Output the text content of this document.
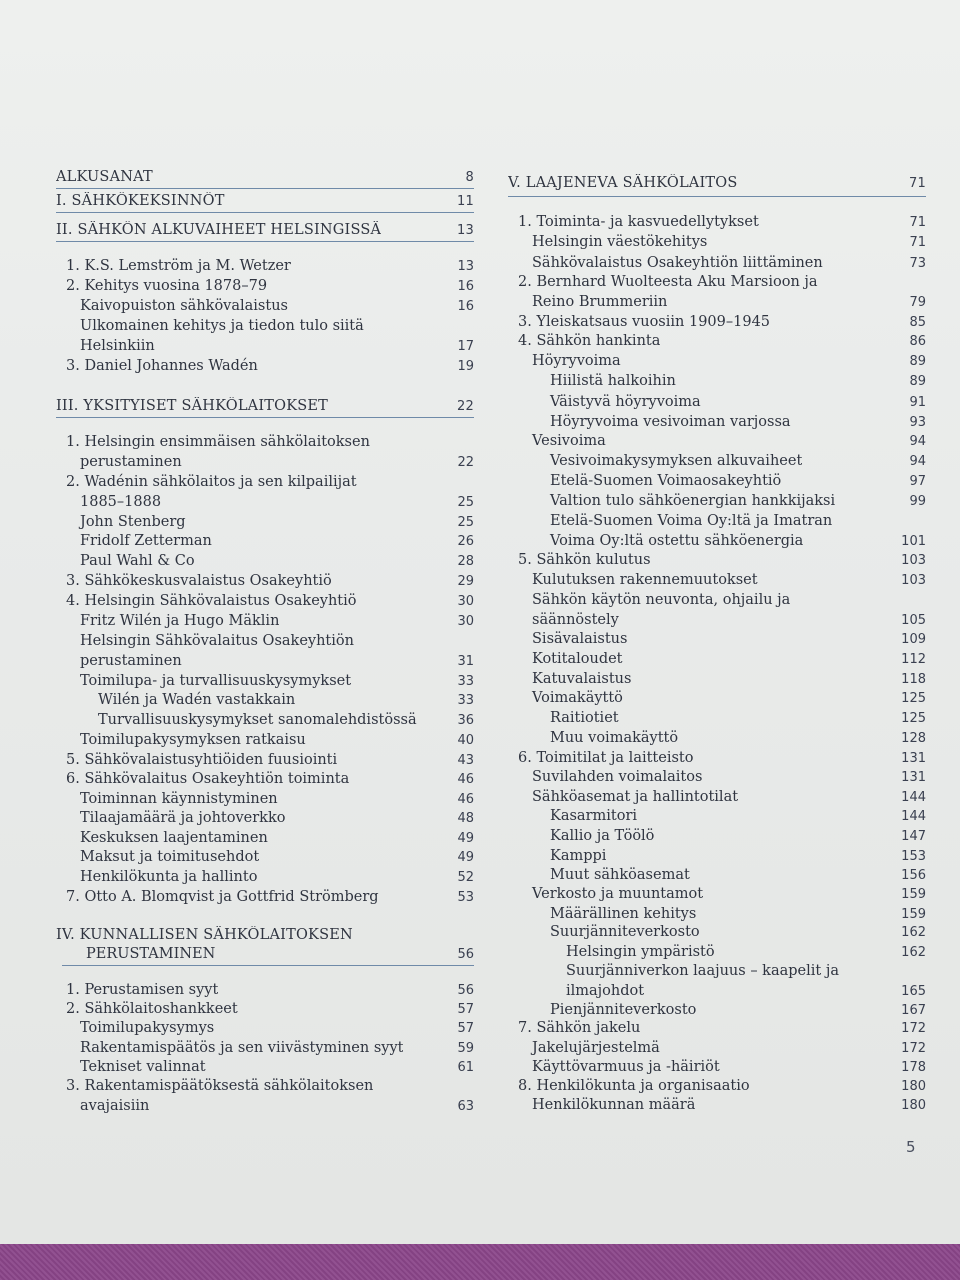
ALKUSANAT	8
I. SÄHKÖKEKSINNÖT	11
II. SÄHKÖN ALKUVAIHEET HELSINGISSÄ	13
1. K.S. Lemström ja M. Wetzer	13
2. Kehitys vuosina 1878–79	16
Kaivopuiston sähkövalaistus	16
Ulkomainen kehitys ja tiedon tulo siitä
Helsinkiin	17
3. Daniel Johannes Wadén	19
III. YKSITYISET SÄHKÖLAITOKSET	22
1. Helsingin ensimmäisen sähkölaitoksen
perustaminen	22
2. Wadénin sähkölaitos ja sen kilpailijat
1885–1888	25
John Stenberg	25
Fridolf Zetterman	26
Paul Wahl & Co	28
3. Sähkökeskusvalaistus Osakeyhtiö	29
4. Helsingin Sähkövalaistus Osakeyhtiö	30
Fritz Wilén ja Hugo Mäklin	30
Helsingin Sähkövalaitus Osakeyhtiön
perustaminen	31
Toimilupa- ja turvallisuuskysymykset	33
Wilén ja Wadén vastakkain	33
Turvallisuuskysymykset sanomalehdistössä	36
Toimilupakysymyksen ratkaisu	40
5. Sähkövalaistusyhtiöiden fuusiointi	43
6. Sähkövalaitus Osakeyhtiön toiminta	46
Toiminnan käynnistyminen	46
Tilaajamäärä ja johtoverkko	48
Keskuksen laajentaminen	49
Maksut ja toimitusehdot	49
Henkilökunta ja hallinto	52
7. Otto A. Blomqvist ja Gottfrid Strömberg	53
IV. KUNNALLISEN SÄHKÖLAITOKSEN
PERUSTAMINEN	56
1. Perustamisen syyt	56
2. Sähkölaitoshankkeet	57
Toimilupakysymys	57
Rakentamispäätös ja sen viivästyminen syyt	59
Tekniset valinnat	61
3. Rakentamispäätöksestä sähkölaitoksen
avajaisiin	63
V. LAAJENEVA SÄHKÖLAITOS	71
1. Toiminta- ja kasvuedellytykset	71
Helsingin väestökehitys	71
Sähkövalaistus Osakeyhtiön liittäminen	73
2. Bernhard Wuolteesta Aku Marsioon ja
Reino Brummeriin	79
3. Yleiskatsaus vuosiin 1909–1945	85
4. Sähkön hankinta	86
Höyryvoima	89
Hiilistä halkoihin	89
Väistyvä höyryvoima	91
Höyryvoima vesivoiman varjossa	93
Vesivoima	94
Vesivoimakysymyksen alkuvaiheet	94
Etelä-Suomen Voimaosakeyhtiö	97
Valtion tulo sähköenergian hankkijaksi	99
Etelä-Suomen Voima Oy:ltä ja Imatran
Voima Oy:ltä ostettu sähköenergia	101
5. Sähkön kulutus	103
Kulutuksen rakennemuutokset	103
Sähkön käytön neuvonta, ohjailu ja
säännöstely	105
Sisävalaistus	109
Kotitaloudet	112
Katuvalaistus	118
Voimakäyttö	125
Raitiotiet	125
Muu voimakäyttö	128
6. Toimitilat ja laitteisto	131
Suvilahden voimalaitos	131
Sähköasemat ja hallintotilat	144
Kasarmitori	144
Kallio ja Töölö	147
Kamppi	153
Muut sähköasemat	156
Verkosto ja muuntamot	159
Määrällinen kehitys	159
Suurjänniteverkosto	162
Helsingin ympäristö	162
Suurjänniverkon laajuus – kaapelit ja
ilmajohdot	165
Pienjänniteverkosto	167
7. Sähkön jakelu	172
Jakelujärjestelmä	172
Käyttövarmuus ja -häiriöt	178
8. Henkilökunta ja organisaatio	180
Henkilökunnan määrä	180
5
